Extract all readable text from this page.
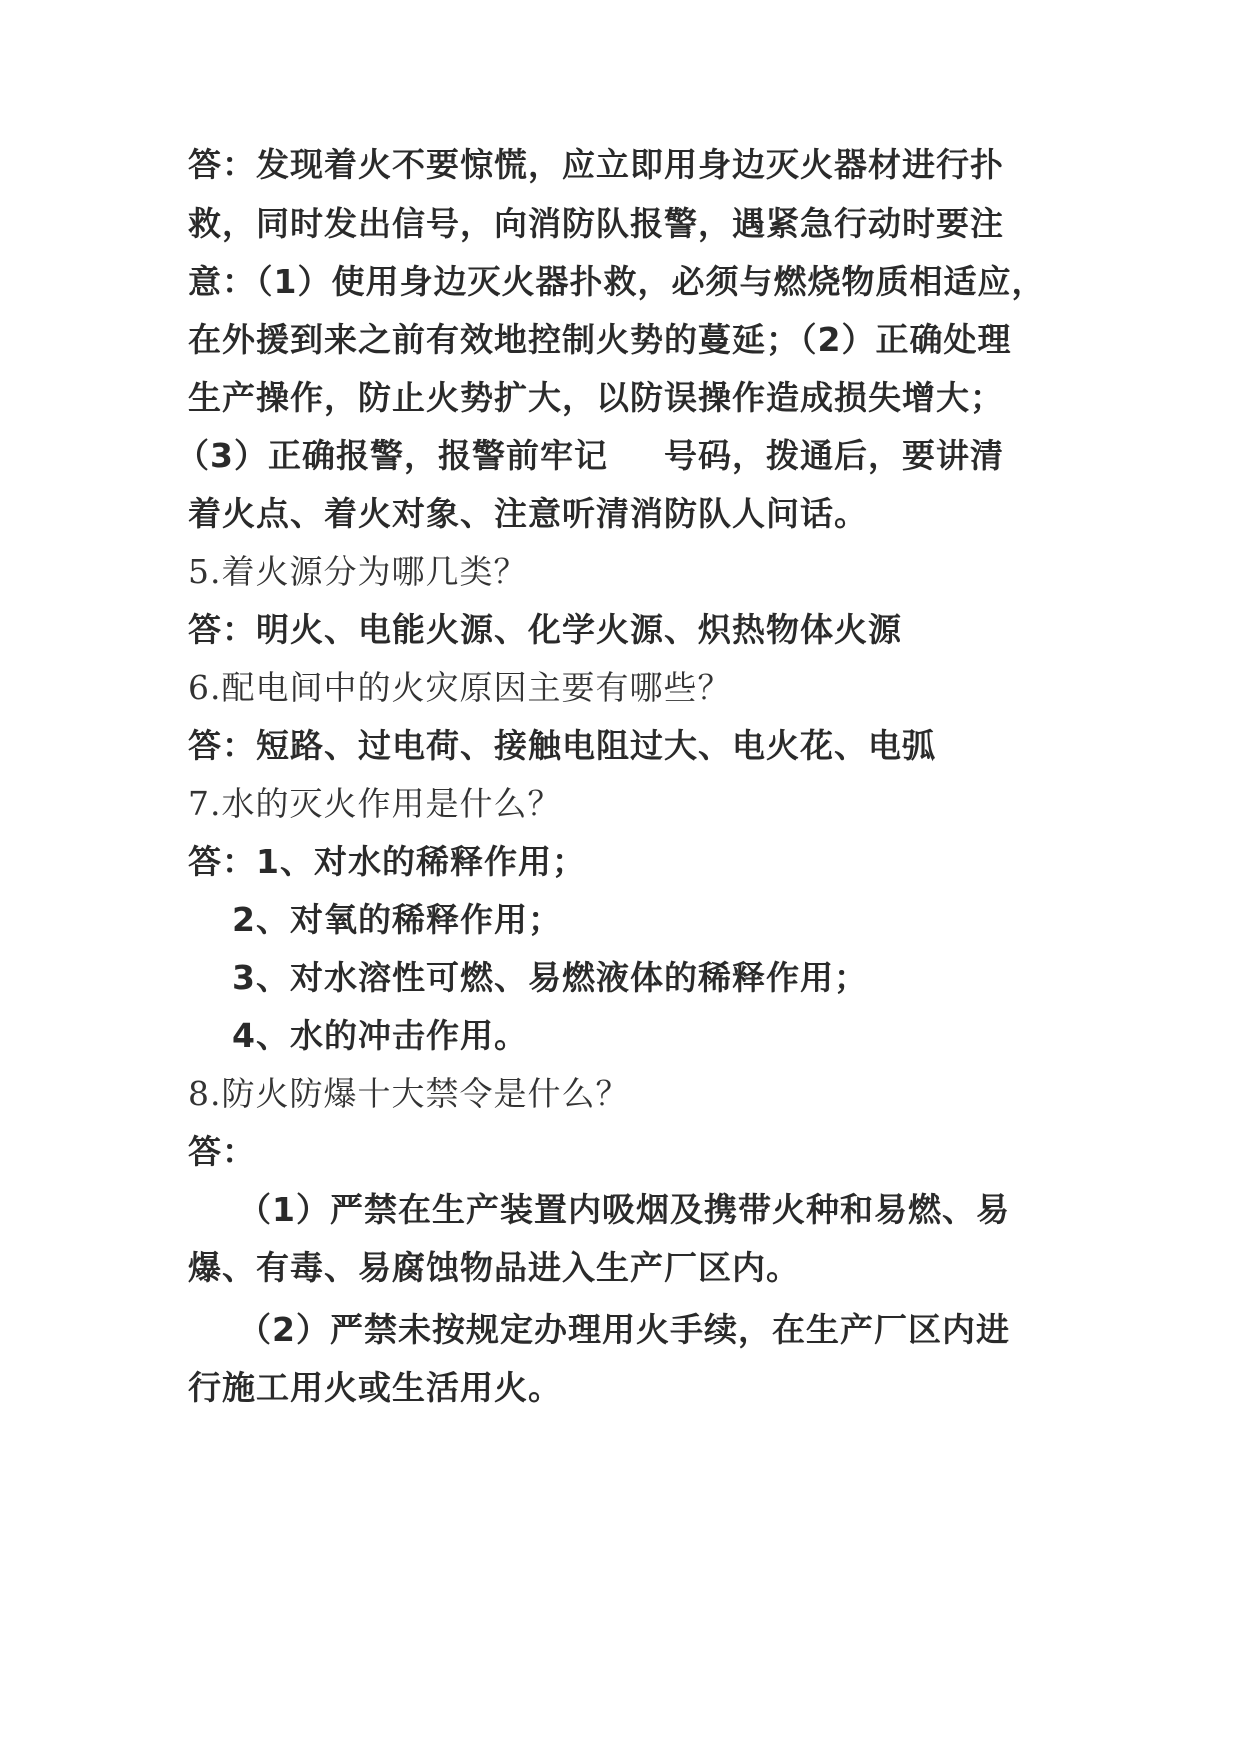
答：发现着火不要惊慌，应立即用身边灭火器材进行扑
救，同时发出信号，向消防队报警，遇紧急行动时要注
意：（1）使用身边灭火器扑救，必须与燃烧物质相适应，
在外援到来之前有效地控制火势的蔓延；（2）正确处理
生产操作，防止火势扩大，以防误操作造成损失增大；
（3）正确报警，报警前牢记 号码，拨通后，要讲清
着火点、着火对象、注意听清消防队人问话。
5.着火源分为哪几类？
答：明火、电能火源、化学火源、炽热物体火源
6.配电间中的火灾原因主要有哪些？
答：短路、过电荷、接触电阻过大、电火花、电弧
7.水的灭火作用是什么？
答：1、对水的稀释作用；
2、对氧的稀释作用；
3、对水溶性可燃、易燃液体的稀释作用；
4、水的冲击作用。
8.防火防爆十大禁令是什么？
答：
（1）严禁在生产装置内吸烟及携带火种和易燃、易
爆、有毒、易腐蚀物品进入生产厂区内。
（2）严禁未按规定办理用火手续，在生产厂区内进
行施工用火或生活用火。
